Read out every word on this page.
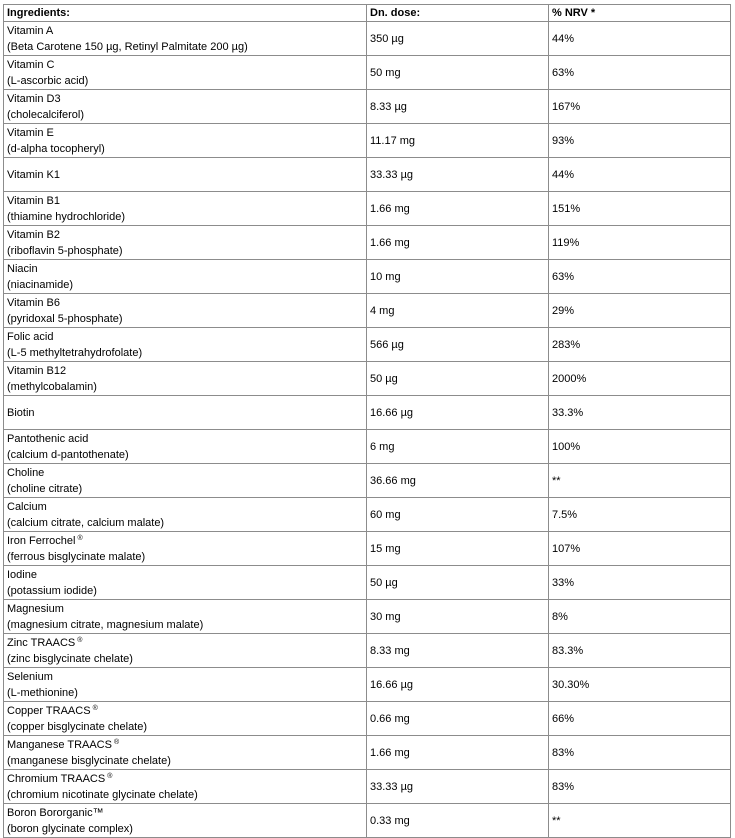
Ingredients:	Dn. dose:	% NRV *

Vitamin A
(Beta Carotene 150 µg, Retinyl Palmitate 200 µg)	350 µg	44%

Vitamin C
(L-ascorbic acid)	50 mg	63%

Vitamin D3
(cholecalciferol)	8.33 µg	167%

Vitamin E
(d-alpha tocopheryl)	11.17 mg	93%

Vitamin K1	33.33 µg	44%

Vitamin B1
(thiamine hydrochloride)	1.66 mg	151%

Vitamin B2
(riboflavin 5-phosphate)	1.66 mg	119%

Niacin
(niacinamide)	10 mg	63%

Vitamin B6
(pyridoxal 5-phosphate)	4 mg	29%

Folic acid
(L-5 methyltetrahydrofolate)	566 µg	283%

Vitamin B12
(methylcobalamin)	50 µg	2000%

Biotin	16.66 µg	33.3%

Pantothenic acid
(calcium d-pantothenate)	6 mg	100%

Choline
(choline citrate)	36.66 mg	**

Calcium
(calcium citrate, calcium malate)	60 mg	7.5%

Iron Ferrochel ®
(ferrous bisglycinate malate)	15 mg	107%

Iodine
(potassium iodide)	50 µg	33%

Magnesium
(magnesium citrate, magnesium malate)	30 mg	8%

Zinc TRAACS ®
(zinc bisglycinate chelate)	8.33 mg	83.3%

Selenium
(L-methionine)	16.66 µg	30.30%

Copper TRAACS ®
(copper bisglycinate chelate)	0.66 mg	66%

Manganese TRAACS ®
(manganese bisglycinate chelate)	1.66 mg	83%

Chromium TRAACS ®
(chromium nicotinate glycinate chelate)	33.33 µg	83%

Boron Bororganic™
(boron glycinate complex)	0.33 mg	**
